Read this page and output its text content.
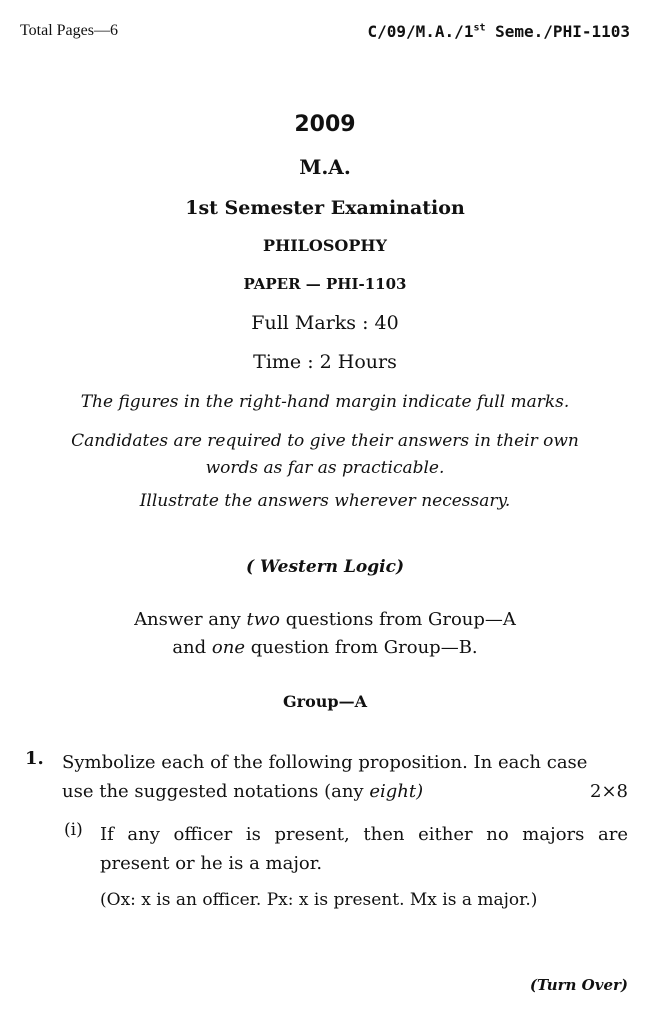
Total Pages—6	C/09/M.A./1st Seme./PHI-1103
2009
M.A.
1st Semester Examination
PHILOSOPHY
PAPER — PHI-1103
Full Marks : 40
Time : 2 Hours
The figures in the right-hand margin indicate full marks.
Candidates are required to give their answers in their own words as far as practicable.
Illustrate the answers wherever necessary.
( Western Logic)
Answer any two questions from Group—A
and one question from Group—B.
Group—A
1. Symbolize each of the following proposition. In each case
use the suggested notations (any eight)	2×8
(i) If any officer is present, then either no majors are present or he is a major.
(Ox: x is an officer. Px: x is present. Mx is a major.)
(Turn Over)
